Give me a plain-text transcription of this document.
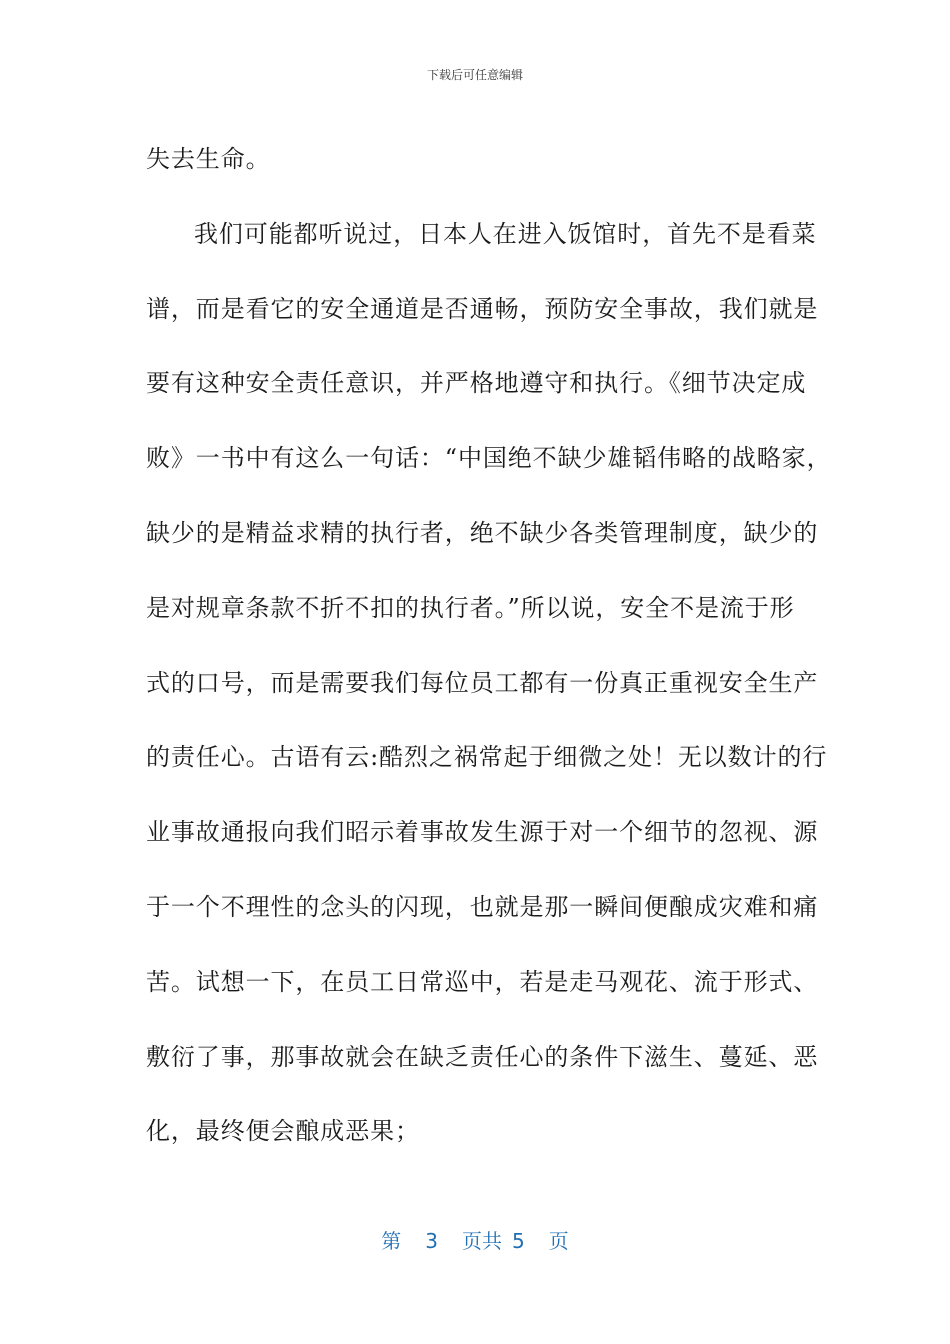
下载后可任意编辑
失去生命。
我们可能都听说过，日本人在进入饭馆时，首先不是看菜
谱，而是看它的安全通道是否通畅，预防安全事故，我们就是
要有这种安全责任意识，并严格地遵守和执行。《细节决定成
败》一书中有这么一句话：“中国绝不缺少雄韬伟略的战略家，
缺少的是精益求精的执行者，绝不缺少各类管理制度，缺少的
是对规章条款不折不扣的执行者。”所以说，安全不是流于形
式的口号，而是需要我们每位员工都有一份真正重视安全生产
的责任心。古语有云:酷烈之祸常起于细微之处！无以数计的行
业事故通报向我们昭示着事故发生源于对一个细节的忽视、源
于一个不理性的念头的闪现，也就是那一瞬间便酿成灾难和痛
苦。试想一下，在员工日常巡中，若是走马观花、流于形式、
敷衍了事，那事故就会在缺乏责任心的条件下滋生、蔓延、恶
化，最终便会酿成恶果；
第 3 页共 5 页
